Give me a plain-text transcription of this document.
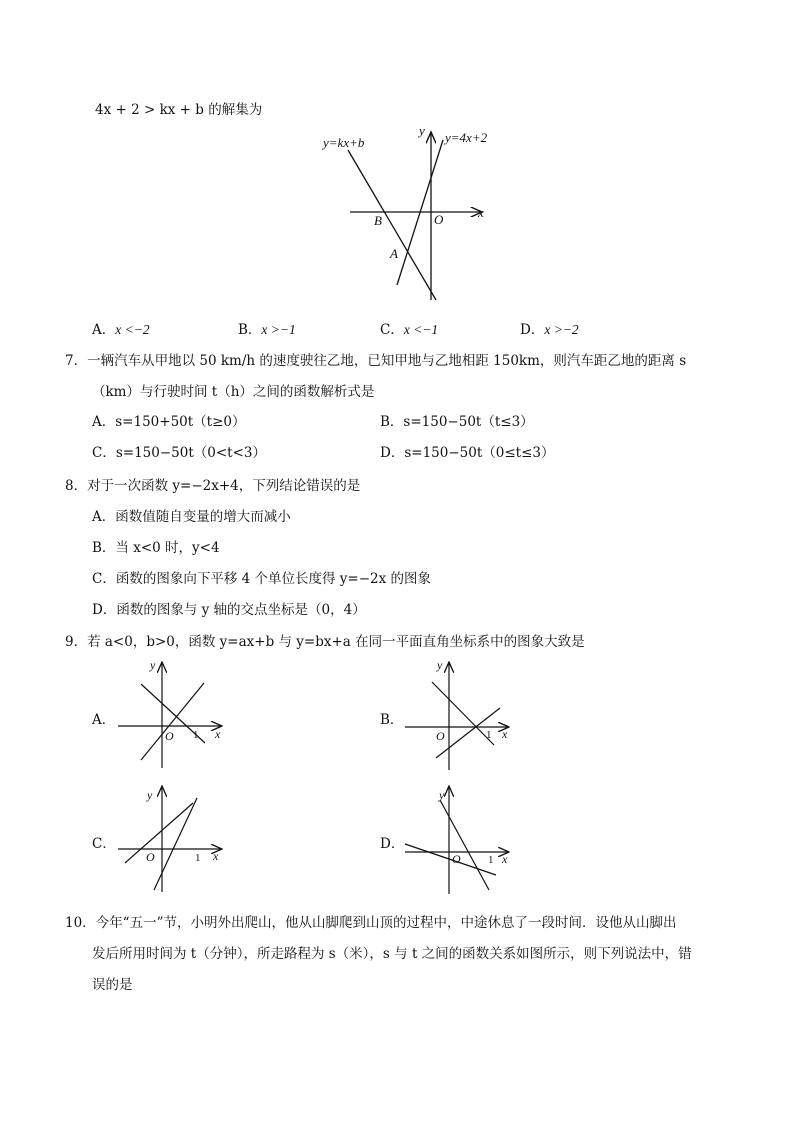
4x + 2 > kx + b 的解集为
y=kx+b	y=4x+2
x
y
B	O
A
A．x <−2	B．x >−1	C．x <−1	D．x >−2
7．一辆汽车从甲地以 50 km/h 的速度驶往乙地，已知甲地与乙地相距 150km，则汽车距乙地的距离 s
（km）与行驶时间 t（h）之间的函数解析式是
A．s=150+50t（t≥0）	B．s=150−50t（t≤3）
C．s=150−50t（0<t<3）	D．s=150−50t（0≤t≤3）
8．对于一次函数 y=−2x+4，下列结论错误的是
A．函数值随自变量的增大而减小
B．当 x<0 时，y<4
C．函数的图象向下平移 4 个单位长度得 y=−2x 的图象
D．函数的图象与 y 轴的交点坐标是（0，4）
9．若 a<0，b>0，函数 y=ax+b 与 y=bx+a 在同一平面直角坐标系中的图象大致是
A．	B．
C．	D．
y
x
O 1
y
x
O	1
y
x
O	1
y
x
O 1
10．今年“五一”节，小明外出爬山，他从山脚爬到山顶的过程中，中途休息了一段时间．设他从山脚出
发后所用时间为 t（分钟），所走路程为 s（米），s 与 t 之间的函数关系如图所示，则下列说法中，错
误的是
